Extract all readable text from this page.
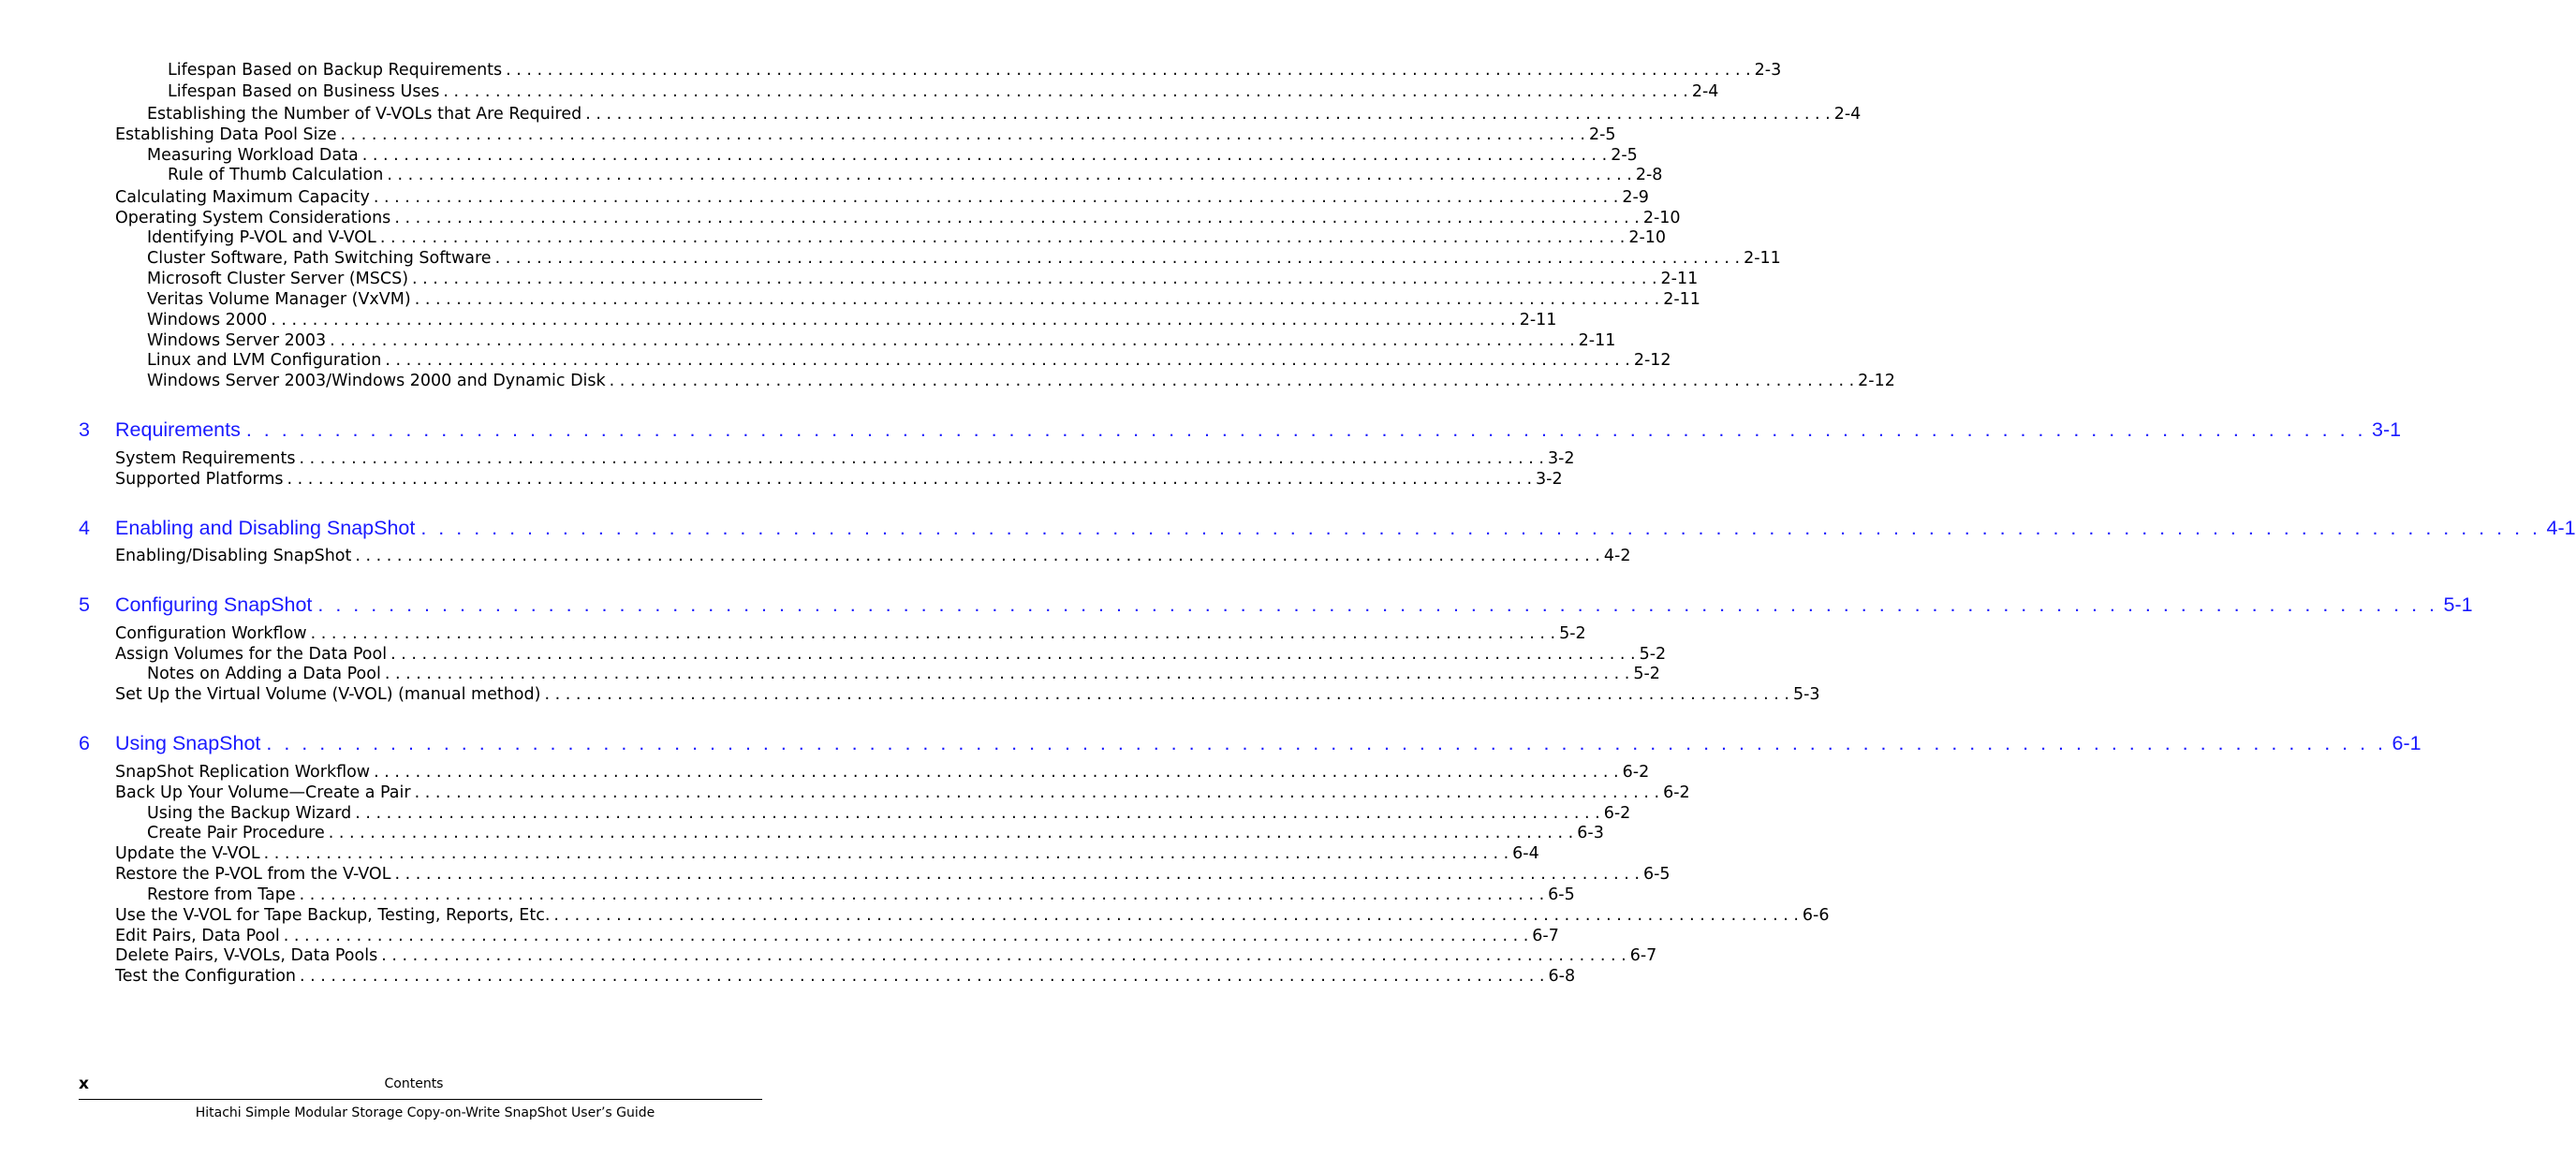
Lifespan Based on Backup Requirements . . . . . . . . . . . . . . . . . . . . . . . . . . . . . . . . . . . . . . . . . . . . . . . . . . . . . . . . . . . . . . . . . . . . . . . . . . . . . . . . . . . . . . . . . . . . . . . . . . . . . . . . . . . . . . . . . . . . . . . . 2-3
Lifespan Based on Business Uses . . . . . . . . . . . . . . . . . . . . . . . . . . . . . . . . . . . . . . . . . . . . . . . . . . . . . . . . . . . . . . . . . . . . . . . . . . . . . . . . . . . . . . . . . . . . . . . . . . . . . . . . . . . . . . . . . . . . . . . . 2-4
Establishing the Number of V-VOLs that Are Required . . . . . . . . . . . . . . . . . . . . . . . . . . . . . . . . . . . . . . . . . . . . . . . . . . . . . . . . . . . . . . . . . . . . . . . . . . . . . . . . . . . . . . . . . . . . . . . . . . . . . . . . . . . . . . . . . . . . . . . . 2-4
Establishing Data Pool Size . . . . . . . . . . . . . . . . . . . . . . . . . . . . . . . . . . . . . . . . . . . . . . . . . . . . . . . . . . . . . . . . . . . . . . . . . . . . . . . . . . . . . . . . . . . . . . . . . . . . . . . . . . . . . . . . . . . . . . . . 2-5
Measuring Workload Data . . . . . . . . . . . . . . . . . . . . . . . . . . . . . . . . . . . . . . . . . . . . . . . . . . . . . . . . . . . . . . . . . . . . . . . . . . . . . . . . . . . . . . . . . . . . . . . . . . . . . . . . . . . . . . . . . . . . . . . . 2-5
Rule of Thumb Calculation . . . . . . . . . . . . . . . . . . . . . . . . . . . . . . . . . . . . . . . . . . . . . . . . . . . . . . . . . . . . . . . . . . . . . . . . . . . . . . . . . . . . . . . . . . . . . . . . . . . . . . . . . . . . . . . . . . . . . . . . 2-8
Calculating Maximum Capacity . . . . . . . . . . . . . . . . . . . . . . . . . . . . . . . . . . . . . . . . . . . . . . . . . . . . . . . . . . . . . . . . . . . . . . . . . . . . . . . . . . . . . . . . . . . . . . . . . . . . . . . . . . . . . . . . . . . . . . . . 2-9
Operating System Considerations . . . . . . . . . . . . . . . . . . . . . . . . . . . . . . . . . . . . . . . . . . . . . . . . . . . . . . . . . . . . . . . . . . . . . . . . . . . . . . . . . . . . . . . . . . . . . . . . . . . . . . . . . . . . . . . . . . . . . . . . 2-10
Identifying P-VOL and V-VOL . . . . . . . . . . . . . . . . . . . . . . . . . . . . . . . . . . . . . . . . . . . . . . . . . . . . . . . . . . . . . . . . . . . . . . . . . . . . . . . . . . . . . . . . . . . . . . . . . . . . . . . . . . . . . . . . . . . . . . . . 2-10
Cluster Software, Path Switching Software . . . . . . . . . . . . . . . . . . . . . . . . . . . . . . . . . . . . . . . . . . . . . . . . . . . . . . . . . . . . . . . . . . . . . . . . . . . . . . . . . . . . . . . . . . . . . . . . . . . . . . . . . . . . . . . . . . . . . . . . 2-11
Microsoft Cluster Server (MSCS) . . . . . . . . . . . . . . . . . . . . . . . . . . . . . . . . . . . . . . . . . . . . . . . . . . . . . . . . . . . . . . . . . . . . . . . . . . . . . . . . . . . . . . . . . . . . . . . . . . . . . . . . . . . . . . . . . . . . . . . . 2-11
Veritas Volume Manager (VxVM) . . . . . . . . . . . . . . . . . . . . . . . . . . . . . . . . . . . . . . . . . . . . . . . . . . . . . . . . . . . . . . . . . . . . . . . . . . . . . . . . . . . . . . . . . . . . . . . . . . . . . . . . . . . . . . . . . . . . . . . . 2-11
Windows 2000 . . . . . . . . . . . . . . . . . . . . . . . . . . . . . . . . . . . . . . . . . . . . . . . . . . . . . . . . . . . . . . . . . . . . . . . . . . . . . . . . . . . . . . . . . . . . . . . . . . . . . . . . . . . . . . . . . . . . . . . . 2-11
Windows Server 2003 . . . . . . . . . . . . . . . . . . . . . . . . . . . . . . . . . . . . . . . . . . . . . . . . . . . . . . . . . . . . . . . . . . . . . . . . . . . . . . . . . . . . . . . . . . . . . . . . . . . . . . . . . . . . . . . . . . . . . . . . 2-11
Linux and LVM Configuration . . . . . . . . . . . . . . . . . . . . . . . . . . . . . . . . . . . . . . . . . . . . . . . . . . . . . . . . . . . . . . . . . . . . . . . . . . . . . . . . . . . . . . . . . . . . . . . . . . . . . . . . . . . . . . . . . . . . . . . . 2-12
Windows Server 2003/Windows 2000 and Dynamic Disk . . . . . . . . . . . . . . . . . . . . . . . . . . . . . . . . . . . . . . . . . . . . . . . . . . . . . . . . . . . . . . . . . . . . . . . . . . . . . . . . . . . . . . . . . . . . . . . . . . . . . . . . . . . . . . . . . . . . . . . . 2-12
3	Requirements . . . . . . . . . . . . . . . . . . . . . . . . . . . . . . . . . . . . . . . . . . . . . . . . . . . . . . . . . . . . . . . . . . . . . . . . . . . . . . . . . . . . . . . . . . . . . . . . . . . . . . . . . . . . . . . . . . . . . . . . 3-1
System Requirements . . . . . . . . . . . . . . . . . . . . . . . . . . . . . . . . . . . . . . . . . . . . . . . . . . . . . . . . . . . . . . . . . . . . . . . . . . . . . . . . . . . . . . . . . . . . . . . . . . . . . . . . . . . . . . . . . . . . . . . . 3-2
Supported Platforms . . . . . . . . . . . . . . . . . . . . . . . . . . . . . . . . . . . . . . . . . . . . . . . . . . . . . . . . . . . . . . . . . . . . . . . . . . . . . . . . . . . . . . . . . . . . . . . . . . . . . . . . . . . . . . . . . . . . . . . . 3-2
4	Enabling and Disabling SnapShot . . . . . . . . . . . . . . . . . . . . . . . . . . . . . . . . . . . . . . . . . . . . . . . . . . . . . . . . . . . . . . . . . . . . . . . . . . . . . . . . . . . . . . . . . . . . . . . . . . . . . . . . . . . . . . . . . . . . . . . . 4-1
Enabling/Disabling SnapShot . . . . . . . . . . . . . . . . . . . . . . . . . . . . . . . . . . . . . . . . . . . . . . . . . . . . . . . . . . . . . . . . . . . . . . . . . . . . . . . . . . . . . . . . . . . . . . . . . . . . . . . . . . . . . . . . . . . . . . . . 4-2
5	Configuring SnapShot . . . . . . . . . . . . . . . . . . . . . . . . . . . . . . . . . . . . . . . . . . . . . . . . . . . . . . . . . . . . . . . . . . . . . . . . . . . . . . . . . . . . . . . . . . . . . . . . . . . . . . . . . . . . . . . . . . . . . . . . 5-1
Configuration Workflow . . . . . . . . . . . . . . . . . . . . . . . . . . . . . . . . . . . . . . . . . . . . . . . . . . . . . . . . . . . . . . . . . . . . . . . . . . . . . . . . . . . . . . . . . . . . . . . . . . . . . . . . . . . . . . . . . . . . . . . . 5-2
Assign Volumes for the Data Pool . . . . . . . . . . . . . . . . . . . . . . . . . . . . . . . . . . . . . . . . . . . . . . . . . . . . . . . . . . . . . . . . . . . . . . . . . . . . . . . . . . . . . . . . . . . . . . . . . . . . . . . . . . . . . . . . . . . . . . . . 5-2
Notes on Adding a Data Pool . . . . . . . . . . . . . . . . . . . . . . . . . . . . . . . . . . . . . . . . . . . . . . . . . . . . . . . . . . . . . . . . . . . . . . . . . . . . . . . . . . . . . . . . . . . . . . . . . . . . . . . . . . . . . . . . . . . . . . . . 5-2
Set Up the Virtual Volume (V-VOL) (manual method) . . . . . . . . . . . . . . . . . . . . . . . . . . . . . . . . . . . . . . . . . . . . . . . . . . . . . . . . . . . . . . . . . . . . . . . . . . . . . . . . . . . . . . . . . . . . . . . . . . . . . . . . . . . . . . . . . . . . . . . . 5-3
6	Using SnapShot . . . . . . . . . . . . . . . . . . . . . . . . . . . . . . . . . . . . . . . . . . . . . . . . . . . . . . . . . . . . . . . . . . . . . . . . . . . . . . . . . . . . . . . . . . . . . . . . . . . . . . . . . . . . . . . . . . . . . . . . 6-1
SnapShot Replication Workflow . . . . . . . . . . . . . . . . . . . . . . . . . . . . . . . . . . . . . . . . . . . . . . . . . . . . . . . . . . . . . . . . . . . . . . . . . . . . . . . . . . . . . . . . . . . . . . . . . . . . . . . . . . . . . . . . . . . . . . . . 6-2
Back Up Your Volume—Create a Pair . . . . . . . . . . . . . . . . . . . . . . . . . . . . . . . . . . . . . . . . . . . . . . . . . . . . . . . . . . . . . . . . . . . . . . . . . . . . . . . . . . . . . . . . . . . . . . . . . . . . . . . . . . . . . . . . . . . . . . . . 6-2
Using the Backup Wizard . . . . . . . . . . . . . . . . . . . . . . . . . . . . . . . . . . . . . . . . . . . . . . . . . . . . . . . . . . . . . . . . . . . . . . . . . . . . . . . . . . . . . . . . . . . . . . . . . . . . . . . . . . . . . . . . . . . . . . . . 6-2
Create Pair Procedure . . . . . . . . . . . . . . . . . . . . . . . . . . . . . . . . . . . . . . . . . . . . . . . . . . . . . . . . . . . . . . . . . . . . . . . . . . . . . . . . . . . . . . . . . . . . . . . . . . . . . . . . . . . . . . . . . . . . . . . . 6-3
Update the V-VOL . . . . . . . . . . . . . . . . . . . . . . . . . . . . . . . . . . . . . . . . . . . . . . . . . . . . . . . . . . . . . . . . . . . . . . . . . . . . . . . . . . . . . . . . . . . . . . . . . . . . . . . . . . . . . . . . . . . . . . . . 6-4
Restore the P-VOL from the V-VOL . . . . . . . . . . . . . . . . . . . . . . . . . . . . . . . . . . . . . . . . . . . . . . . . . . . . . . . . . . . . . . . . . . . . . . . . . . . . . . . . . . . . . . . . . . . . . . . . . . . . . . . . . . . . . . . . . . . . . . . . 6-5
Restore from Tape . . . . . . . . . . . . . . . . . . . . . . . . . . . . . . . . . . . . . . . . . . . . . . . . . . . . . . . . . . . . . . . . . . . . . . . . . . . . . . . . . . . . . . . . . . . . . . . . . . . . . . . . . . . . . . . . . . . . . . . . 6-5
Use the V-VOL for Tape Backup, Testing, Reports, Etc. . . . . . . . . . . . . . . . . . . . . . . . . . . . . . . . . . . . . . . . . . . . . . . . . . . . . . . . . . . . . . . . . . . . . . . . . . . . . . . . . . . . . . . . . . . . . . . . . . . . . . . . . . . . . . . . . . . . . . . . . 6-6
Edit Pairs, Data Pool . . . . . . . . . . . . . . . . . . . . . . . . . . . . . . . . . . . . . . . . . . . . . . . . . . . . . . . . . . . . . . . . . . . . . . . . . . . . . . . . . . . . . . . . . . . . . . . . . . . . . . . . . . . . . . . . . . . . . . . . 6-7
Delete Pairs, V-VOLs, Data Pools . . . . . . . . . . . . . . . . . . . . . . . . . . . . . . . . . . . . . . . . . . . . . . . . . . . . . . . . . . . . . . . . . . . . . . . . . . . . . . . . . . . . . . . . . . . . . . . . . . . . . . . . . . . . . . . . . . . . . . . . 6-7
Test the Configuration . . . . . . . . . . . . . . . . . . . . . . . . . . . . . . . . . . . . . . . . . . . . . . . . . . . . . . . . . . . . . . . . . . . . . . . . . . . . . . . . . . . . . . . . . . . . . . . . . . . . . . . . . . . . . . . . . . . . . . . . 6-8
x	Contents
Hitachi Simple Modular Storage Copy-on-Write SnapShot User’s Guide
